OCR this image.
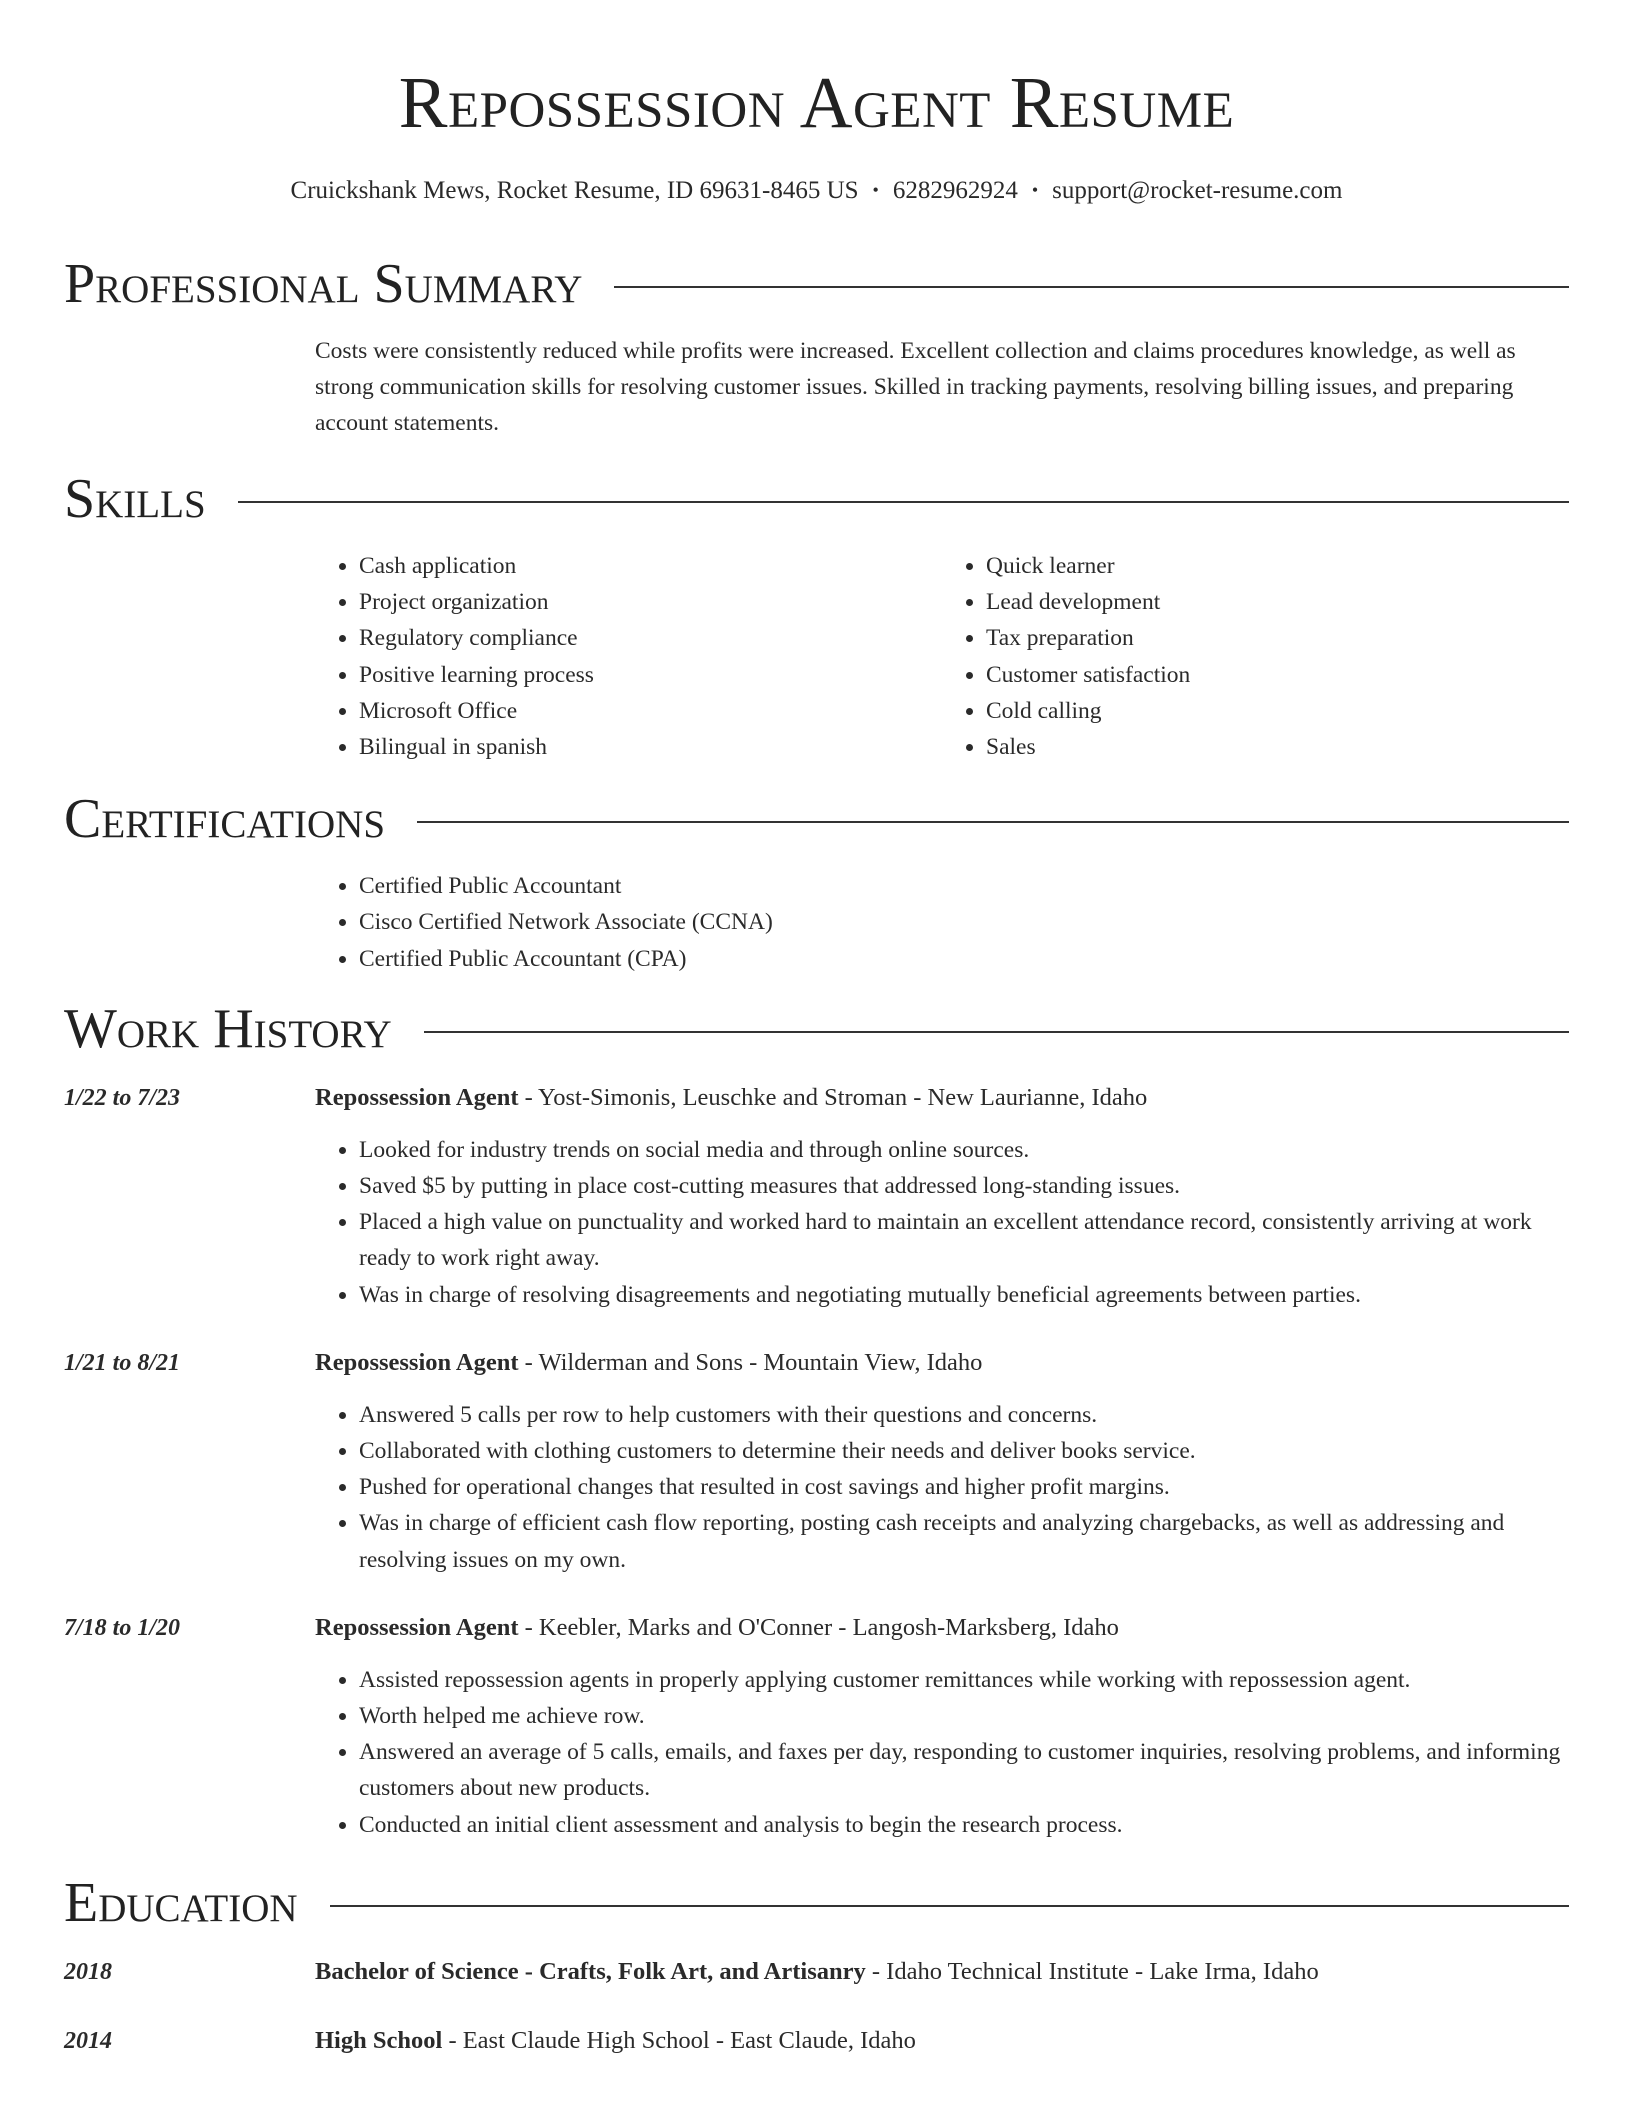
Repossession Agent Resume
Cruickshank Mews, Rocket Resume, ID 69631-8465 US • 6282962924 • support@rocket-resume.com
Professional Summary

Costs were consistently reduced while profits were increased. Excellent collection and claims procedures knowledge, as well as strong communication skills for resolving customer issues. Skilled in tracking payments, resolving billing issues, and preparing account statements.

Skills
• Cash application
• Project organization
• Regulatory compliance
• Positive learning process
• Microsoft Office
• Bilingual in spanish
• Quick learner
• Lead development
• Tax preparation
• Customer satisfaction
• Cold calling
• Sales
Certifications
• Certified Public Accountant
• Cisco Certified Network Associate (CCNA)
• Certified Public Accountant (CPA)
Work History
1/22 to 7/23	Repossession Agent - Yost-Simonis, Leuschke and Stroman - New Laurianne, Idaho
• Looked for industry trends on social media and through online sources.
• Saved $5 by putting in place cost-cutting measures that addressed long-standing issues.
• Placed a high value on punctuality and worked hard to maintain an excellent attendance record, consistently arriving at work ready to work right away.
• Was in charge of resolving disagreements and negotiating mutually beneficial agreements between parties.
1/21 to 8/21	Repossession Agent - Wilderman and Sons - Mountain View, Idaho
• Answered 5 calls per row to help customers with their questions and concerns.
• Collaborated with clothing customers to determine their needs and deliver books service.
• Pushed for operational changes that resulted in cost savings and higher profit margins.
• Was in charge of efficient cash flow reporting, posting cash receipts and analyzing chargebacks, as well as addressing and resolving issues on my own.
7/18 to 1/20	Repossession Agent - Keebler, Marks and O'Conner - Langosh-Marksberg, Idaho
• Assisted repossession agents in properly applying customer remittances while working with repossession agent.
• Worth helped me achieve row.
• Answered an average of 5 calls, emails, and faxes per day, responding to customer inquiries, resolving problems, and informing customers about new products.
• Conducted an initial client assessment and analysis to begin the research process.
Education
2018	Bachelor of Science - Crafts, Folk Art, and Artisanry - Idaho Technical Institute - Lake Irma, Idaho
2014	High School - East Claude High School - East Claude, Idaho
